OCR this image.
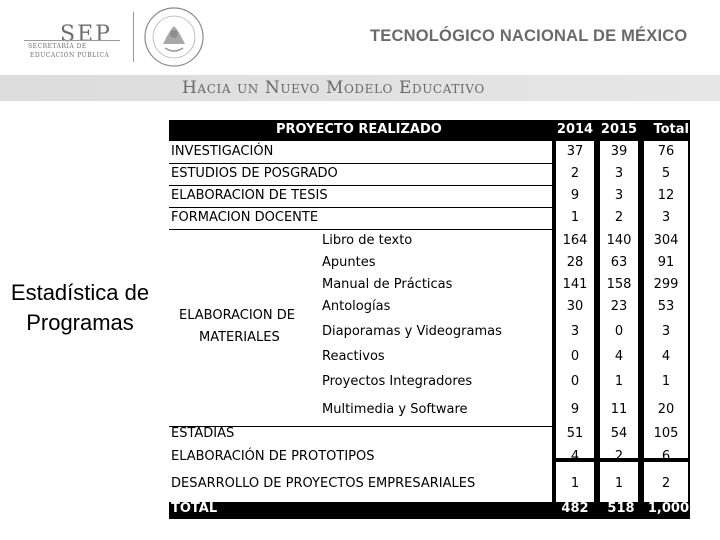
SEP
SECRETARÍA DE
EDUCACIÓN PÚBLICA
TECNOLÓGICO NACIONAL DE MÉXICO
Hacia un Nuevo Modelo Educativo
Estadística de
Programas
PROYECTO REALIZADO	2014 2015	Total
INVESTIGACIÓN	37	39	76
ESTUDIOS DE POSGRADO	2	3	5
ELABORACION DE TESIS	9	3	12
FORMACION DOCENTE	1	2	3
ELABORACION DE
MATERIALES
Libro de texto	164	140	304
Apuntes	28	63	91
Manual de Prácticas	141	158	299
Antologías	30	23	53
Diaporamas y Videogramas	3	0	3
Reactivos	0	4	4
Proyectos Integradores	0	1	1
Multimedia y Software	9	11	20
ESTADIAS	51	54	105
ELABORACIÓN DE PROTOTIPOS	4	2	6
DESARROLLO DE PROYECTOS EMPRESARIALES	1	1	2
TOTAL	482	518	1,000
